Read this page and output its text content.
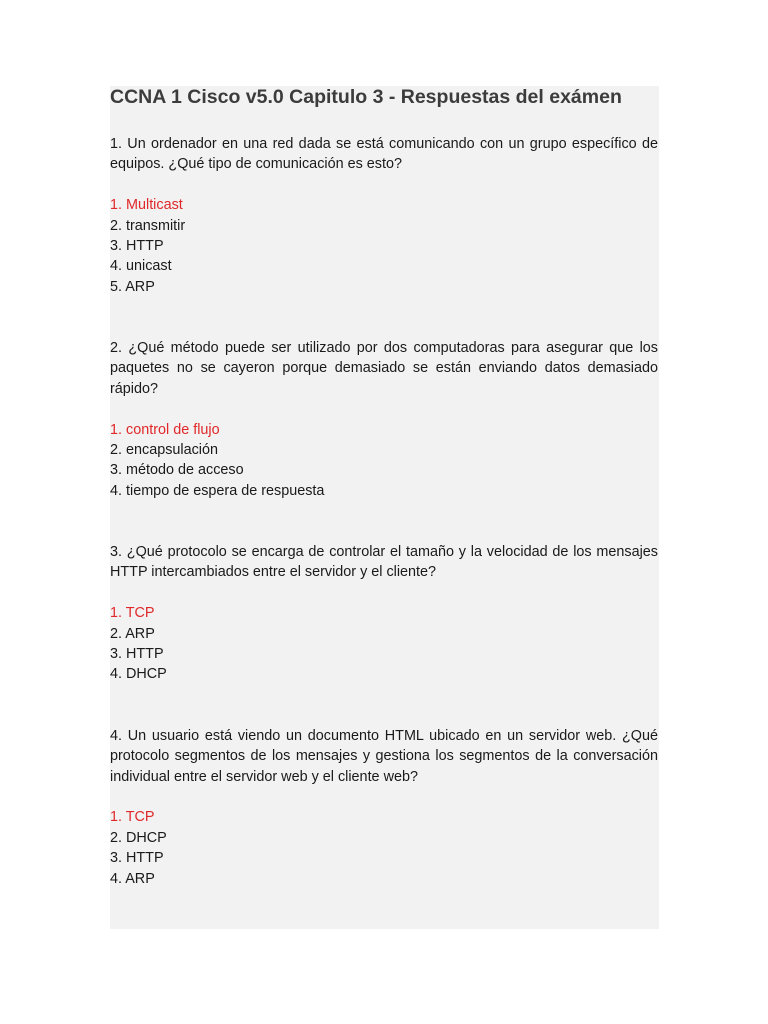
CCNA 1 Cisco v5.0 Capitulo 3 - Respuestas del exámen

1. Un ordenador en una red dada se está comunicando con un grupo específico de equipos. ¿Qué tipo de comunicación es esto?

1. Multicast
2. transmitir
3. HTTP
4. unicast
5. ARP

2. ¿Qué método puede ser utilizado por dos computadoras para asegurar que los paquetes no se cayeron porque demasiado se están enviando datos demasiado rápido?

1. control de flujo
2. encapsulación
3. método de acceso
4. tiempo de espera de respuesta

3. ¿Qué protocolo se encarga de controlar el tamaño y la velocidad de los mensajes HTTP intercambiados entre el servidor y el cliente?

1. TCP
2. ARP
3. HTTP
4. DHCP

4. Un usuario está viendo un documento HTML ubicado en un servidor web. ¿Qué protocolo segmentos de los mensajes y gestiona los segmentos de la conversación individual entre el servidor web y el cliente web?

1. TCP
2. DHCP
3. HTTP
4. ARP
